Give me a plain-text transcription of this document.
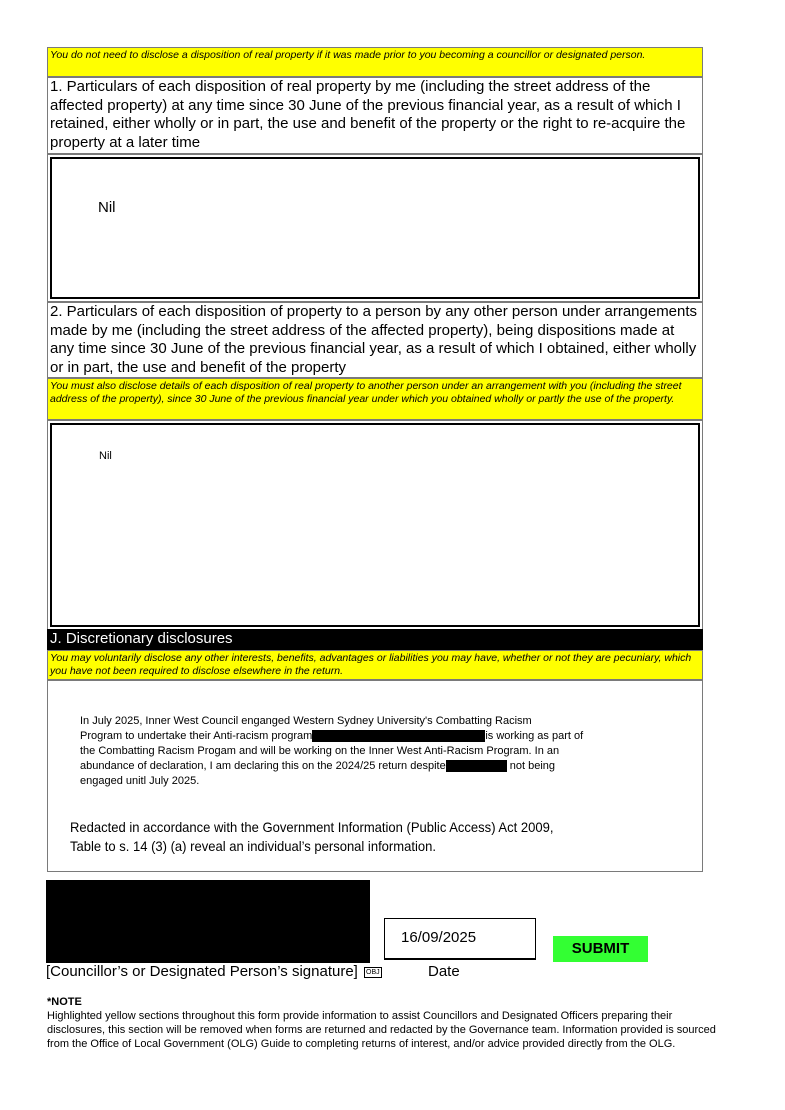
You do not need to disclose a disposition of real property if it was made prior to you becoming a councillor or designated person.
1. Particulars of each disposition of real property by me (including the street address of the affected property) at any time since 30 June of the previous financial year, as a result of which I retained, either wholly or in part, the use and benefit of the property or the right to re-acquire the property at a later time
Nil
2. Particulars of each disposition of property to a person by any other person under arrangements made by me (including the street address of the affected property), being dispositions made at any time since 30 June of the previous financial year, as a result of which I obtained, either wholly or in part, the use and benefit of the property
You must also disclose details of each disposition of real property to another person under an arrangement with you (including the street address of the property), since 30 June of the previous financial year under which you obtained wholly or partly the use of the property.
Nil
J. Discretionary disclosures
You may voluntarily disclose any other interests, benefits, advantages or liabilities you may have, whether or not they are pecuniary, which you have not been required to disclose elsewhere in the return.
In July 2025, Inner West Council enganged Western Sydney University's Combatting Racism
Program to undertake their Anti-racism program	is working as part of
the Combatting Racism Progam and will be working on the Inner West Anti-Racism Program. In an
abundance of declaration, I am declaring this on the 2024/25 return despite	not being
engaged unitl July 2025.
Redacted in accordance with the Government Information (Public Access) Act 2009,
Table to s. 14 (3) (a) reveal an individual’s personal information.
16/09/2025
SUBMIT
[Councillor’s or Designated Person’s signature] OBJ	Date
*NOTE
Highlighted yellow sections throughout this form provide information to assist Councillors and Designated Officers preparing their disclosures, this section will be removed when forms are returned and redacted by the Governance team. Information provided is sourced from the Office of Local Government (OLG) Guide to completing returns of interest, and/or advice provided directly from the OLG.
